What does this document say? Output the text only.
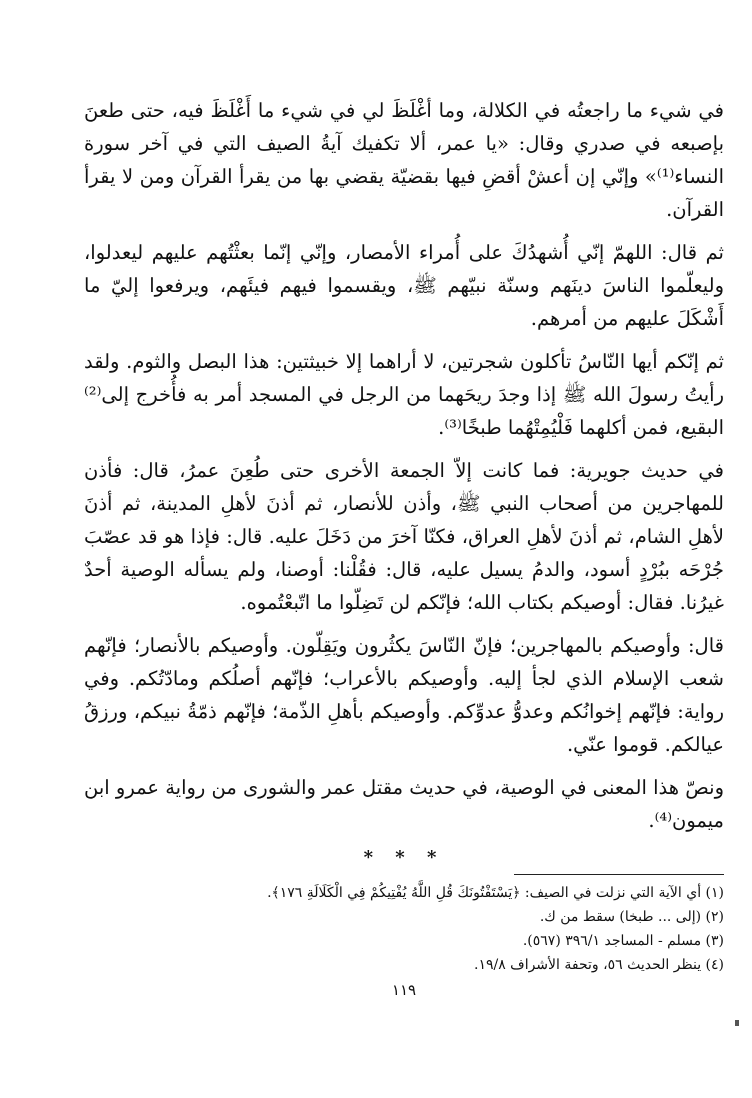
في شيء ما راجعتُه في الكلالة، وما أغْلَظَ لي في شيء ما أَغْلَظَ فيه، حتى طعنَ بإصبعه في صدري وقال: «يا عمر، ألا تكفيك آيةُ الصيف التي في آخر سورة النساء⁽¹⁾» وإنّي إن أعشْ أقضِ فيها بقضيّة يقضي بها من يقرأ القرآن ومن لا يقرأ القرآن.

ثم قال: اللهمّ إنّي أُشهدُكَ على أُمراء الأمصار، وإنّي إنّما بعثْتُهم عليهم ليعدلوا، وليعلّموا الناسَ دينَهم وسنّة نبيّهم ﷺ، ويقسموا فيهم فيئَهم، ويرفعوا إليّ ما أَشْكَلَ عليهم من أمرهم.

ثم إنّكم أيها النّاسُ تأكلون شجرتين، لا أراهما إلا خبيثتين: هذا البصل والثوم. ولقد رأيتُ رسولَ الله ﷺ إذا وجدَ ريحَهما من الرجل في المسجد أمر به فأُخرج إلى⁽²⁾ البقيع، فمن أكلهما فَلْيُمِتْهُما طبخًا⁽³⁾.

في حديث جويرية: فما كانت إلاّ الجمعة الأخرى حتى طُعِنَ عمرُ، قال: فأذن للمهاجرين من أصحاب النبي ﷺ، وأذن للأنصار، ثم أذنَ لأهلِ المدينة، ثم أذنَ لأهلِ الشام، ثم أذنَ لأهلِ العراق، فكنّا آخرَ من دَخَلَ عليه. قال: فإذا هو قد عصّبَ جُرْحَه ببُرْدٍ أسود، والدمُ يسيل عليه، قال: فقُلْنا: أوصنا، ولم يسأله الوصية أحدٌ غيرُنا. فقال: أوصيكم بكتاب الله؛ فإنّكم لن تَضِلّوا ما اتّبعْتُموه.

قال: وأوصيكم بالمهاجرين؛ فإنّ النّاسَ يكثُرون ويَقِلّون. وأوصيكم بالأنصار؛ فإنّهم شعب الإسلام الذي لجأ إليه. وأوصيكم بالأعراب؛ فإنّهم أصلُكم ومادّتُكم. وفي رواية: فإنّهم إخوانُكم وعدوُّ عدوِّكم. وأوصيكم بأهلِ الذّمة؛ فإنّهم ذمّةُ نبيكم، ورزقُ عيالكم. قوموا عنّي.

ونصّ هذا المعنى في الوصية، في حديث مقتل عمر والشورى من رواية عمرو ابن ميمون⁽⁴⁾.

* * *

(١) أي الآية التي نزلت في الصيف: ﴿يَسْتَفْتُونَكَ قُلِ اللَّهُ يُفْتِيكُمْ فِي الْكَلَالَةِ ١٧٦﴾.

(٢) (إلى ... طبخا) سقط من ك.

(٣) مسلم - المساجد ٣٩٦/١ (٥٦٧).

(٤) ينظر الحديث ٥٦، وتحفة الأشراف ١٩/٨.

١١٩
